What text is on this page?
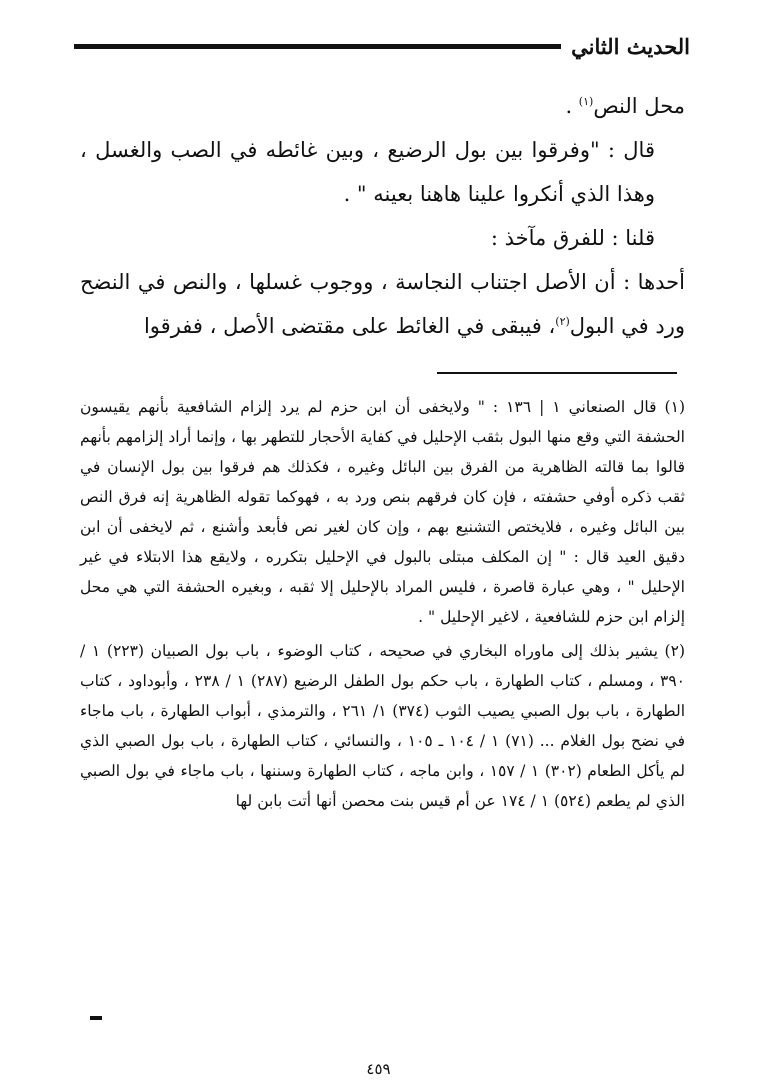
الحديث الثاني

محل النص$^{(١)}$ .

قال : "وفرقوا بين بول الرضيع ، وبين غائطه في الصب والغسل ، وهذا الذي أنكروا علينا هاهنا بعينه " .

قلنا : للفرق مآخذ :

أحدها : أن الأصل اجتناب النجاسة ، ووجوب غسلها ، والنص في النضح ورد في البول$^{(٢)}$، فيبقى في الغائط على مقتضى الأصل ، ففرقوا

(١) قال الصنعاني ١ | ١٣٦ : " ولايخفى أن ابن حزم لم يرد إلزام الشافعية بأنهم يقيسون الحشفة التي وقع منها البول بثقب الإحليل في كفاية الأحجار للتطهر بها ، وإنما أراد إلزامهم بأنهم قالوا بما قالته الظاهرية من الفرق بين البائل وغيره ، فكذلك هم فرقوا بين بول الإنسان في ثقب ذكره أوفي حشفته ، فإن كان فرقهم بنص ورد به ، فهوكما تقوله الظاهرية إنه فرق النص بين البائل وغيره ، فلايختص التشنيع بهم ، وإن كان لغير نص فأبعد وأشنع ، ثم لايخفى أن ابن دقيق العيد قال : " إن المكلف مبتلى بالبول في الإحليل بتكرره ، ولايقع هذا الابتلاء في غير الإحليل " ، وهي عبارة قاصرة ، فليس المراد بالإحليل إلا ثقبه ، وبغيره الحشفة التي هي محل إلزام ابن حزم للشافعية ، لاغير الإحليل " .

(٢) يشير بذلك إلى ماوراه البخاري في صحيحه ، كتاب الوضوء ، باب بول الصبيان (٢٢٣) ١ / ٣٩٠ ، ومسلم ، كتاب الطهارة ، باب حكم بول الطفل الرضيع (٢٨٧) ١ / ٢٣٨ ، وأبوداود ، كتاب الطهارة ، باب بول الصبي يصيب الثوب (٣٧٤) ١/ ٢٦١ ، والترمذي ، أبواب الطهارة ، باب ماجاء في نضح بول الغلام ... (٧١) ١ / ١٠٤ ـ ١٠٥ ، والنسائي ، كتاب الطهارة ، باب بول الصبي الذي لم يأكل الطعام (٣٠٢) ١ / ١٥٧ ، وابن ماجه ، كتاب الطهارة وسننها ، باب ماجاء في بول الصبي الذي لم يطعم (٥٢٤) ١ / ١٧٤ عن أم قيس بنت محصن أنها أتت بابن لها

٤٥٩
